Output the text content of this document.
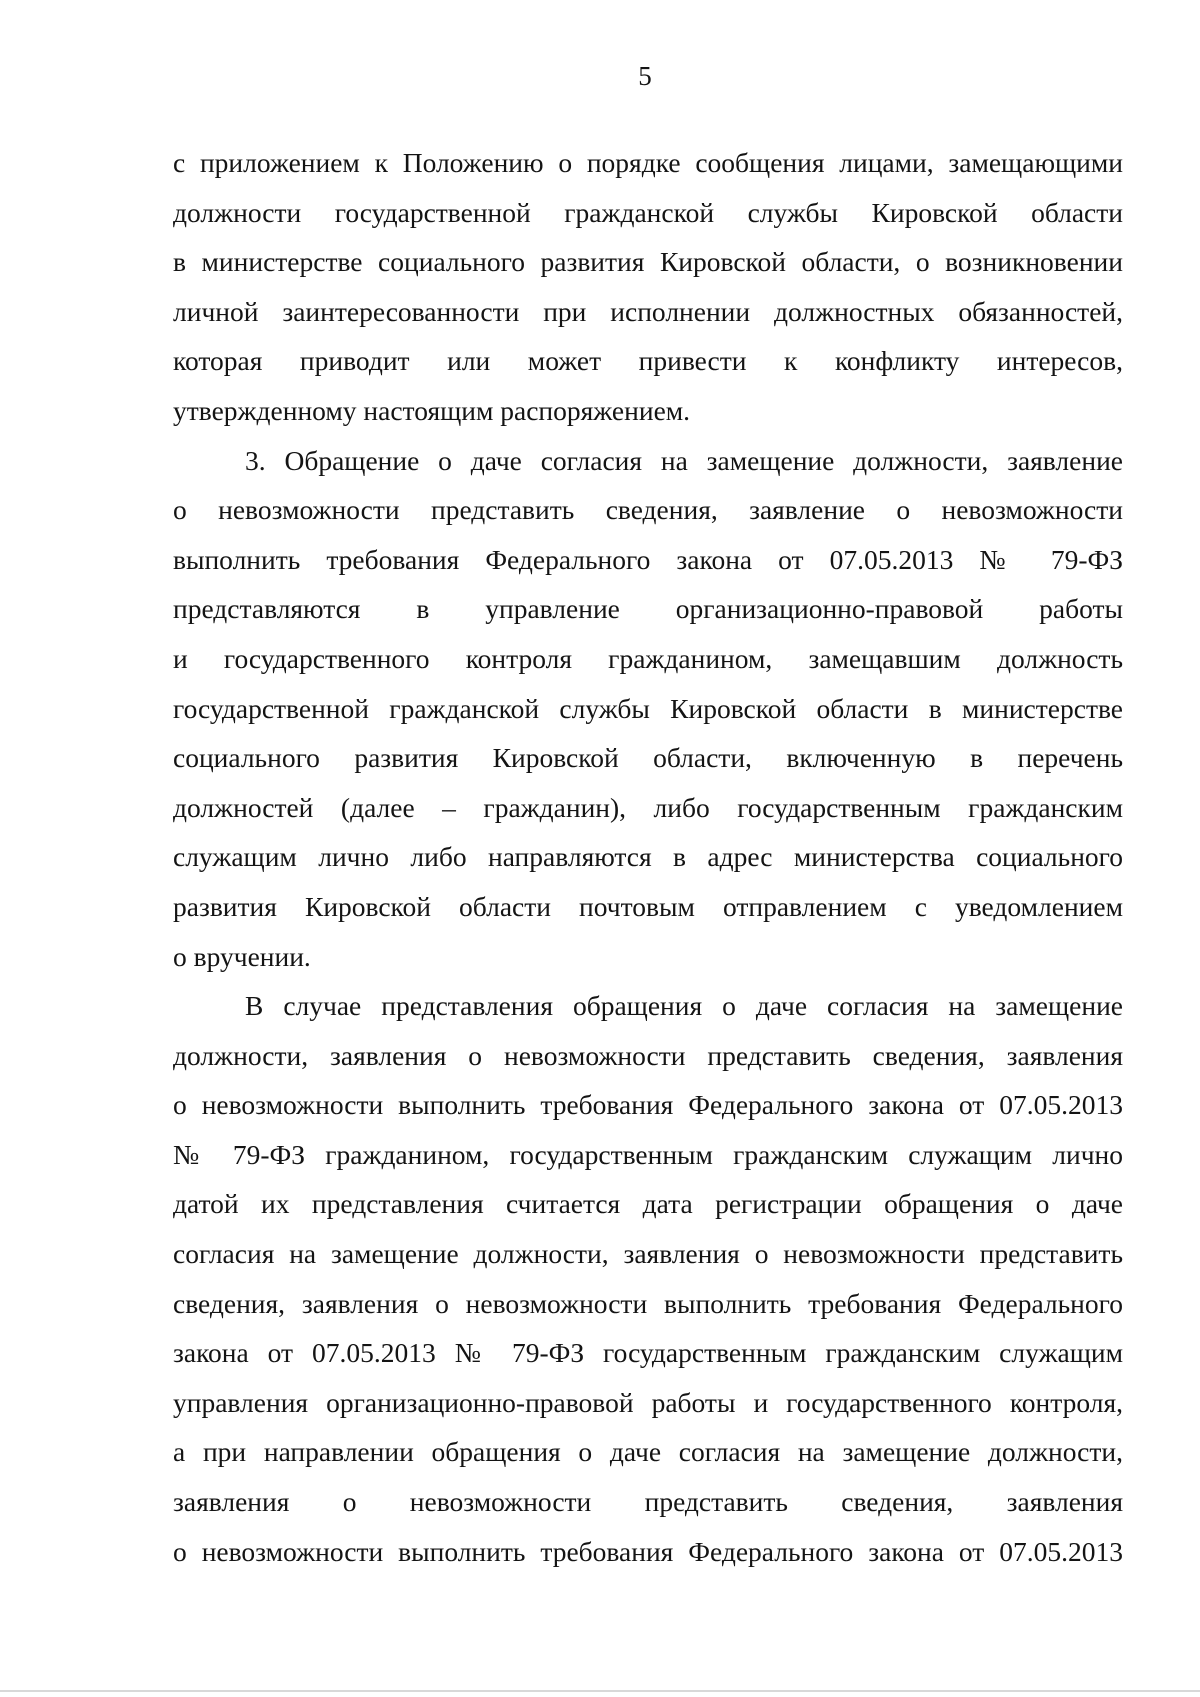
5
с приложением к Положению о порядке сообщения лицами, замещающими
должности государственной гражданской службы Кировской области
в министерстве социального развития Кировской области, о возникновении
личной заинтересованности при исполнении должностных обязанностей,
которая приводит или может привести к конфликту интересов,
утвержденному настоящим распоряжением.
3. Обращение о даче согласия на замещение должности, заявление
о невозможности представить сведения, заявление о невозможности
выполнить требования Федерального закона от 07.05.2013 № 79-ФЗ
представляются в управление организационно-правовой работы
и государственного контроля гражданином, замещавшим должность
государственной гражданской службы Кировской области в министерстве
социального развития Кировской области, включенную в перечень
должностей (далее – гражданин), либо государственным гражданским
служащим лично либо направляются в адрес министерства социального
развития Кировской области почтовым отправлением с уведомлением
о вручении.
В случае представления обращения о даче согласия на замещение
должности, заявления о невозможности представить сведения, заявления
о невозможности выполнить требования Федерального закона от 07.05.2013
№ 79-ФЗ гражданином, государственным гражданским служащим лично
датой их представления считается дата регистрации обращения о даче
согласия на замещение должности, заявления о невозможности представить
сведения, заявления о невозможности выполнить требования Федерального
закона от 07.05.2013 № 79-ФЗ государственным гражданским служащим
управления организационно-правовой работы и государственного контроля,
а при направлении обращения о даче согласия на замещение должности,
заявления о невозможности представить сведения, заявления
о невозможности выполнить требования Федерального закона от 07.05.2013
